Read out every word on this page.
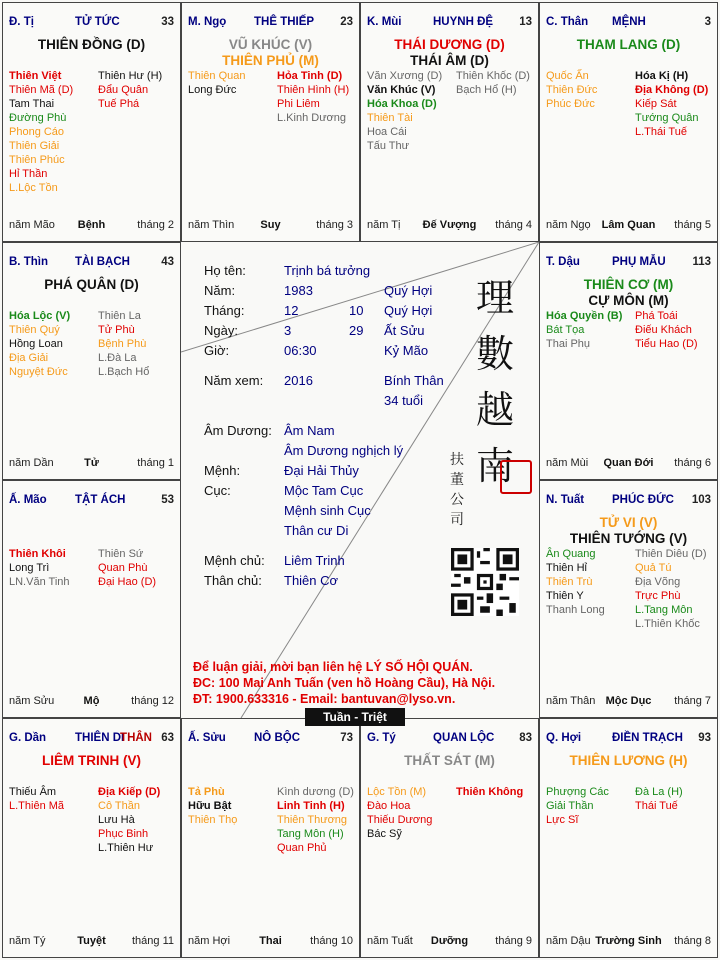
Đ. Tị	TỬ TỨC	33
THIÊN ĐỒNG (D)
Thiên Việt
Thiên Mã (D)
Tam Thai
Đường Phù
Phong Cáo
Thiên Giải
Thiên Phúc
Hỉ Thần
L.Lộc Tồn
Thiên Hư (H)
Đẩu Quân
Tuế Phá
năm Mão	Bệnh	tháng 2
M. Ngọ THÊ THIẾP 23
VŨ KHÚC (V)
THIÊN PHỦ (M)
Thiên Quan
Long Đức
Hỏa Tinh (D)
Thiên Hình (H)
Phi Liêm
L.Kinh Dương
năm Thìn	Suy	tháng 3
K. Mùi	HUYNH ĐỆ 13
THÁI DƯƠNG (D)
THÁI ÂM (D)
Văn Xương (D)
Văn Khúc (V)
Hóa Khoa (D)
Thiên Tài
Hoa Cái
Tấu Thư
Thiên Khốc (D)
Bạch Hổ (H)
năm Tị	Đế Vượng	tháng 4
C. Thân MỆNH	3
THAM LANG (D)
Quốc Ấn
Thiên Đức
Phúc Đức
Hóa Kị (H)
Địa Không (D)
Kiếp Sát
Tướng Quân
L.Thái Tuế
năm Ngọ Lâm Quan	tháng 5
B. Thìn TÀI BẠCH	43
PHÁ QUÂN (D)
Hóa Lộc (V)
Thiên Quý
Hồng Loan
Địa Giải
Nguyệt Đức
Thiên La
Tử Phù
Bệnh Phù
L.Đà La
L.Bạch Hổ
năm Dần	Tử	tháng 1
T. Dậu	PHỤ MẪU 113
THIÊN CƠ (M)
CỰ MÔN (M)
Hóa Quyền (B)
Bát Tọa
Thai Phụ
Phá Toái
Điếu Khách
Tiểu Hao (D)
năm Mùi	Quan Đới	tháng 6
Ấ. Mão TẬT ÁCH	53
Thiên Khôi
Long Trì
LN.Văn Tinh
Thiên Sứ
Quan Phù
Đại Hao (D)
năm Sửu	Mộ	tháng 12
N. Tuất PHÚC ĐỨC 103
TỬ VI (V)
THIÊN TƯỚNG (V)
Ân Quang
Thiên Hỉ
Thiên Trù
Thiên Y
Thanh Long
Thiên Diêu (D)
Quả Tú
Địa Võng
Trực Phù
L.Tang Môn
L.Thiên Khốc
năm Thân Mộc Dục	tháng 7
G. Dần	THIÊN DI
THÂN 63
LIÊM TRINH (V)
Thiếu Âm
L.Thiên Mã
Địa Kiếp (D)
Cô Thần
Lưu Hà
Phục Binh
L.Thiên Hư
năm Tý	Tuyệt	tháng 11
Ấ. Sửu NÔ BỘC	73
Tả Phù
Hữu Bật
Thiên Thọ
Kình dương (D)
Linh Tinh (H)
Thiên Thương
Tang Môn (H)
Quan Phủ
năm Hợi	Thai	tháng 10
G. Tý	QUAN LỘC 83
THẤT SÁT (M)
Lộc Tồn (M)
Đào Hoa
Thiếu Dương
Bác Sỹ
Thiên Không
năm Tuất	Dưỡng	tháng 9
Q. Hợi	ĐIỀN TRẠCH 93
THIÊN LƯƠNG (H)
Phượng Các
Giải Thần
Lực Sĩ
Đà La (H)
Thái Tuế
năm Dậu Trường Sinh	tháng 8
Họ tên:	Trịnh bá tưởng
Năm:	1983	Quý Hợi
Tháng:	12	10 Quý Hợi
Ngày:	3	29 Ất Sửu
Giờ:	06:30	Kỷ Mão
Năm xem: 2016	Bính Thân
34 tuổi
Âm Dương: Âm Nam
Âm Dương nghịch lý
Mệnh:	Đại Hải Thủy
Cục:	Mộc Tam Cục
Mệnh sinh Cục
Thân cư Di
Mệnh chủ: Liêm Trinh
Thân chủ: Thiên Cơ
理
數
越
南
扶
董
公
司
Để luận giải, mời bạn liên hệ LÝ SỐ HỘI QUÁN.
ĐC: 100 Mai Anh Tuấn (ven hồ Hoàng Cầu), Hà Nội.
ĐT: 1900.633316 - Email: bantuvan@lyso.vn.
Tuần - Triệt
